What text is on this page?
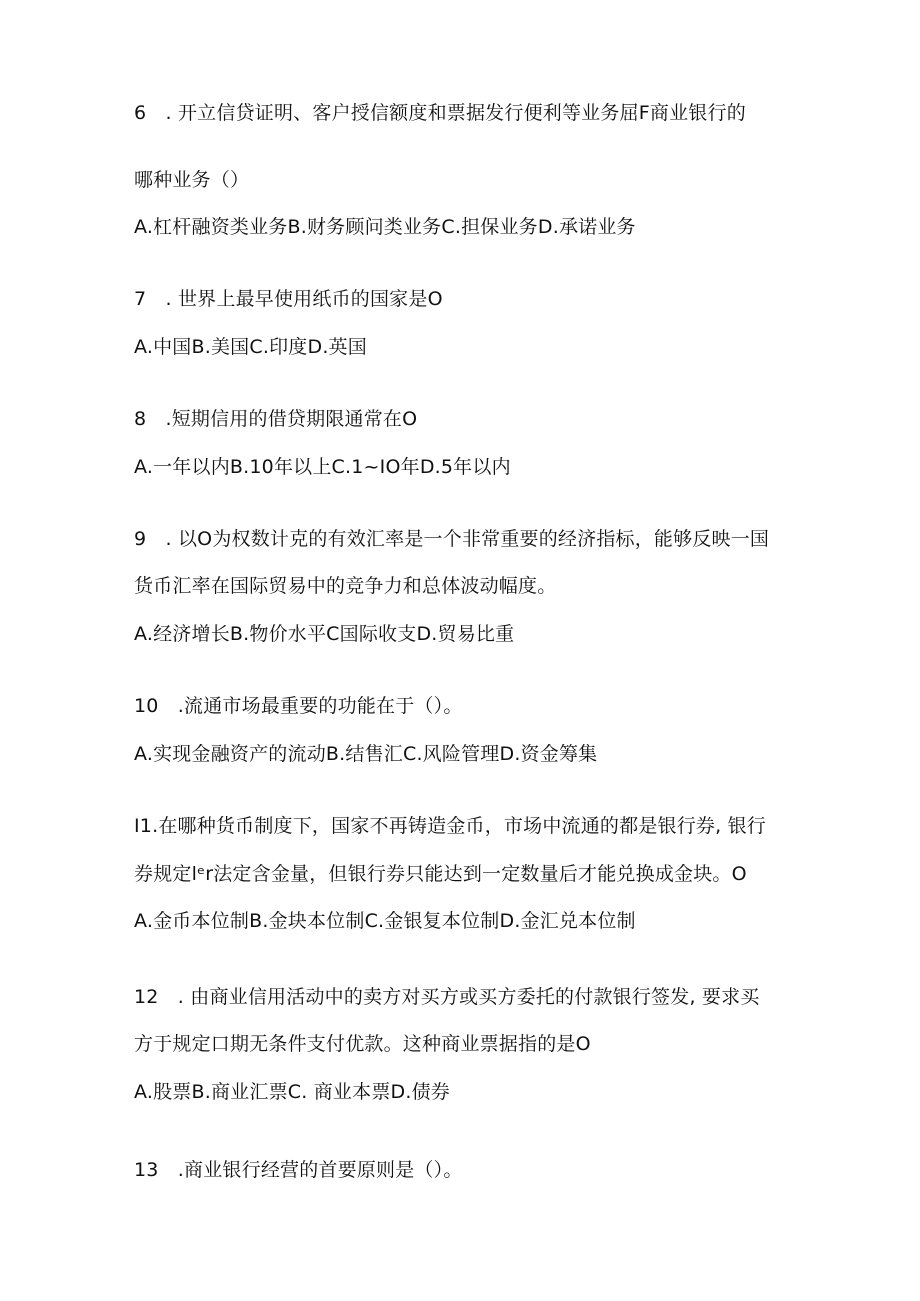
6　. 开立信贷证明、客户授信额度和票据发行便利等业务屈F商业银行的
哪种业务（）
A.杠杆融资类业务B.财务顾问类业务C.担保业务D.承诺业务
7　. 世界上最早使用纸币的国家是O
A.中国B.美国C.印度D.英国
8　.短期信用的借贷期限通常在O
A.一年以内B.10年以上C.1~IO年D.5年以内
9　. 以O为权数计克的有效汇率是一个非常重要的经济指标，能够反映一国
货币汇率在国际贸易中的竞争力和总体波动幅度。
A.经济增长B.物价水平C国际收支D.贸易比重
10　.流通市场最重要的功能在于（）。
A.实现金融资产的流动B.结售汇C.风险管理D.资金筹集
I1.在哪种货币制度下，国家不再铸造金币，市场中流通的都是银行券, 银行
券规定lᵉr法定含金量，但银行券只能达到一定数量后才能兑换成金块。O
A.金币本位制B.金块本位制C.金银复本位制D.金汇兑本位制
12　. 由商业信用活动中的卖方对买方或买方委托的付款银行签发, 要求买
方于规定口期无条件支付优款。这种商业票据指的是O
A.股票B.商业汇票C. 商业本票D.债券
13　.商业银行经营的首要原则是（）。
